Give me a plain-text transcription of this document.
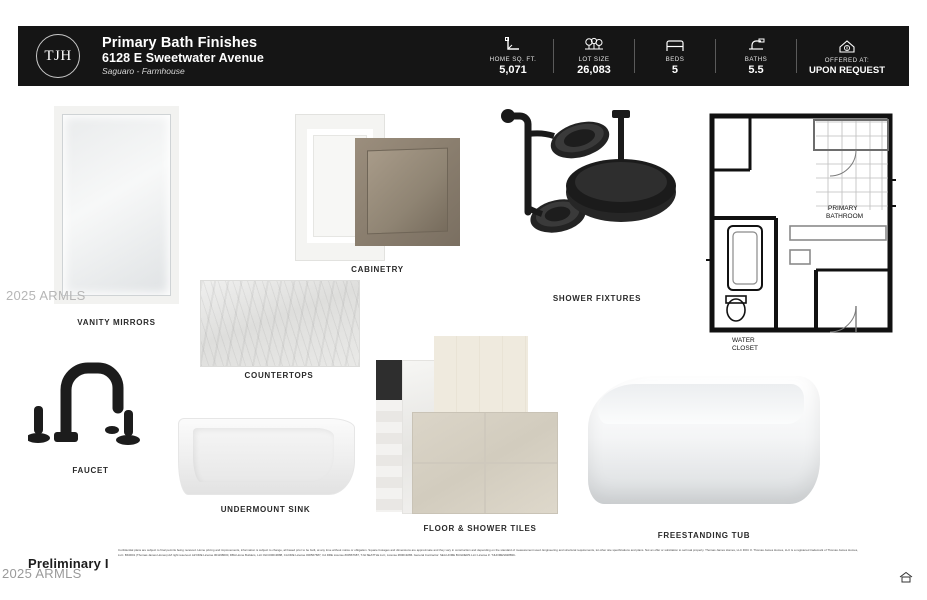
TJH
Primary Bath Finishes
6128 E Sweetwater Avenue
Saguaro - Farmhouse
HOME SQ. FT.
5,071
LOT SIZE
26,083
BEDS
5
BATHS
5.5
OFFERED AT:
UPON REQUEST
VANITY MIRRORS
CABINETRY
SHOWER FIXTURES
PRIMARY
BATHROOM
WATER
CLOSET
COUNTERTOPS
FAUCET
UNDERMOUNT SINK
FLOOR & SHOWER TILES
FREESTANDING TUB
Preliminary I
Confidential plans are subject to final permits being received. Home pricing and improvements, information is subject to change, all based prior to be built, at any time without notice or obligation. Square footages and dimensions are approximate and they vary in construction and depending on the standard of measurement used. Engineering and structural requirements, lot other site specifications and plans. Not an offer or solicitation to sell real property. Thomas James Homes, LLC ROC #. Thomas James Homes, LLC is a registered trademark of Thomas James Homes, LLC. BK0001 (Thomas James Homes) AZ right reserved. AZ DRE License #01198000, DBA Home Builders, LLC #LIC00019688, CA DRE License #00567687, CA DRE License #00567687, TJH SEATTLE LLC, License #00019286. General Contractor: SEA HOME BUILDERS LLC License #. TJHOMES928830-
2025 ARMLS
2025 ARMLS
